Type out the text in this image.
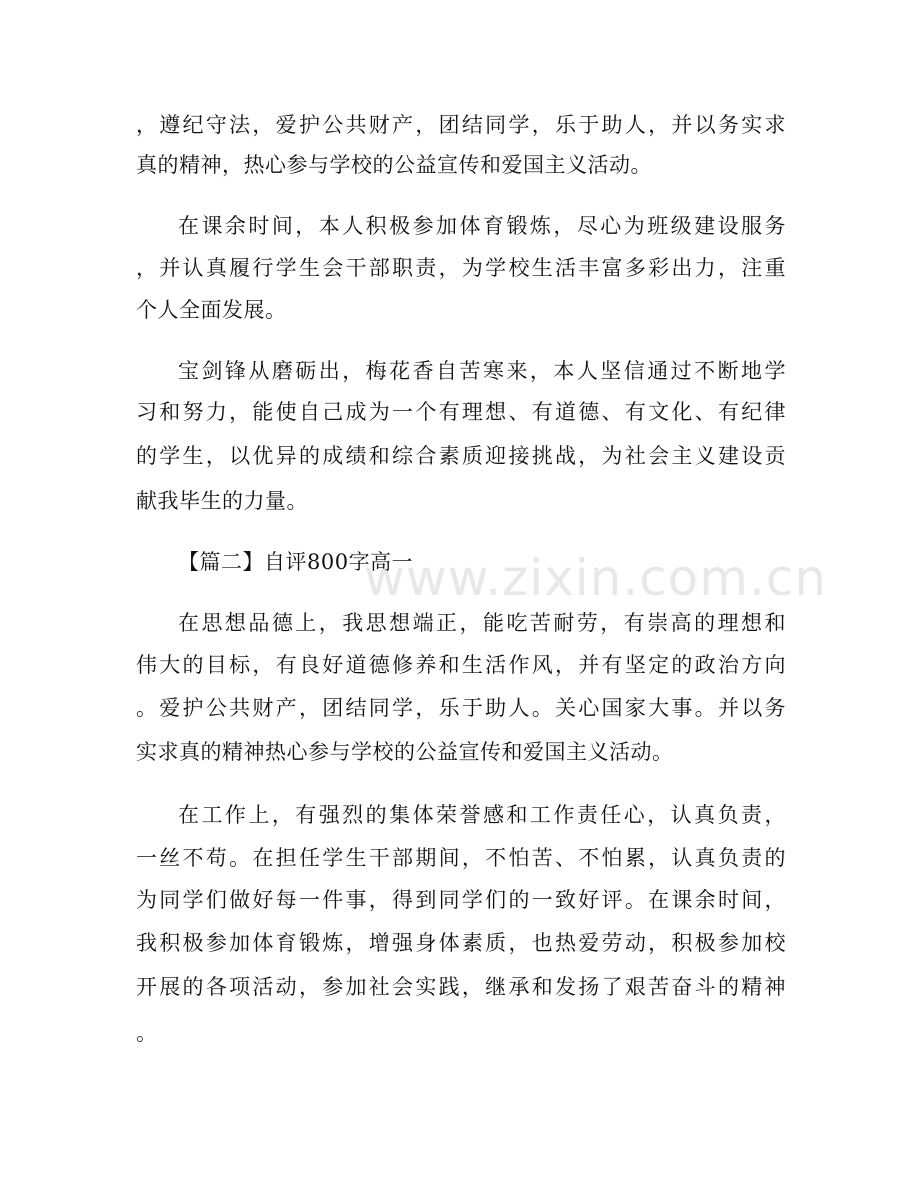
，遵纪守法，爱护公共财产，团结同学，乐于助人，并以务实求
真的精神，热心参与学校的公益宣传和爱国主义活动。
在课余时间，本人积极参加体育锻炼，尽心为班级建设服务
，并认真履行学生会干部职责，为学校生活丰富多彩出力，注重
个人全面发展。
宝剑锋从磨砺出，梅花香自苦寒来，本人坚信通过不断地学
习和努力，能使自己成为一个有理想、有道德、有文化、有纪律
的学生，以优异的成绩和综合素质迎接挑战，为社会主义建设贡
献我毕生的力量。
【篇二】自评800字高一
在思想品德上，我思想端正，能吃苦耐劳，有崇高的理想和
伟大的目标，有良好道德修养和生活作风，并有坚定的政治方向
。爱护公共财产，团结同学，乐于助人。关心国家大事。并以务
实求真的精神热心参与学校的公益宣传和爱国主义活动。
在工作上，有强烈的集体荣誉感和工作责任心，认真负责，
一丝不苟。在担任学生干部期间，不怕苦、不怕累，认真负责的
为同学们做好每一件事，得到同学们的一致好评。在课余时间，
我积极参加体育锻炼，增强身体素质，也热爱劳动，积极参加校
开展的各项活动，参加社会实践，继承和发扬了艰苦奋斗的精神
。
www.zixin.com.cn
